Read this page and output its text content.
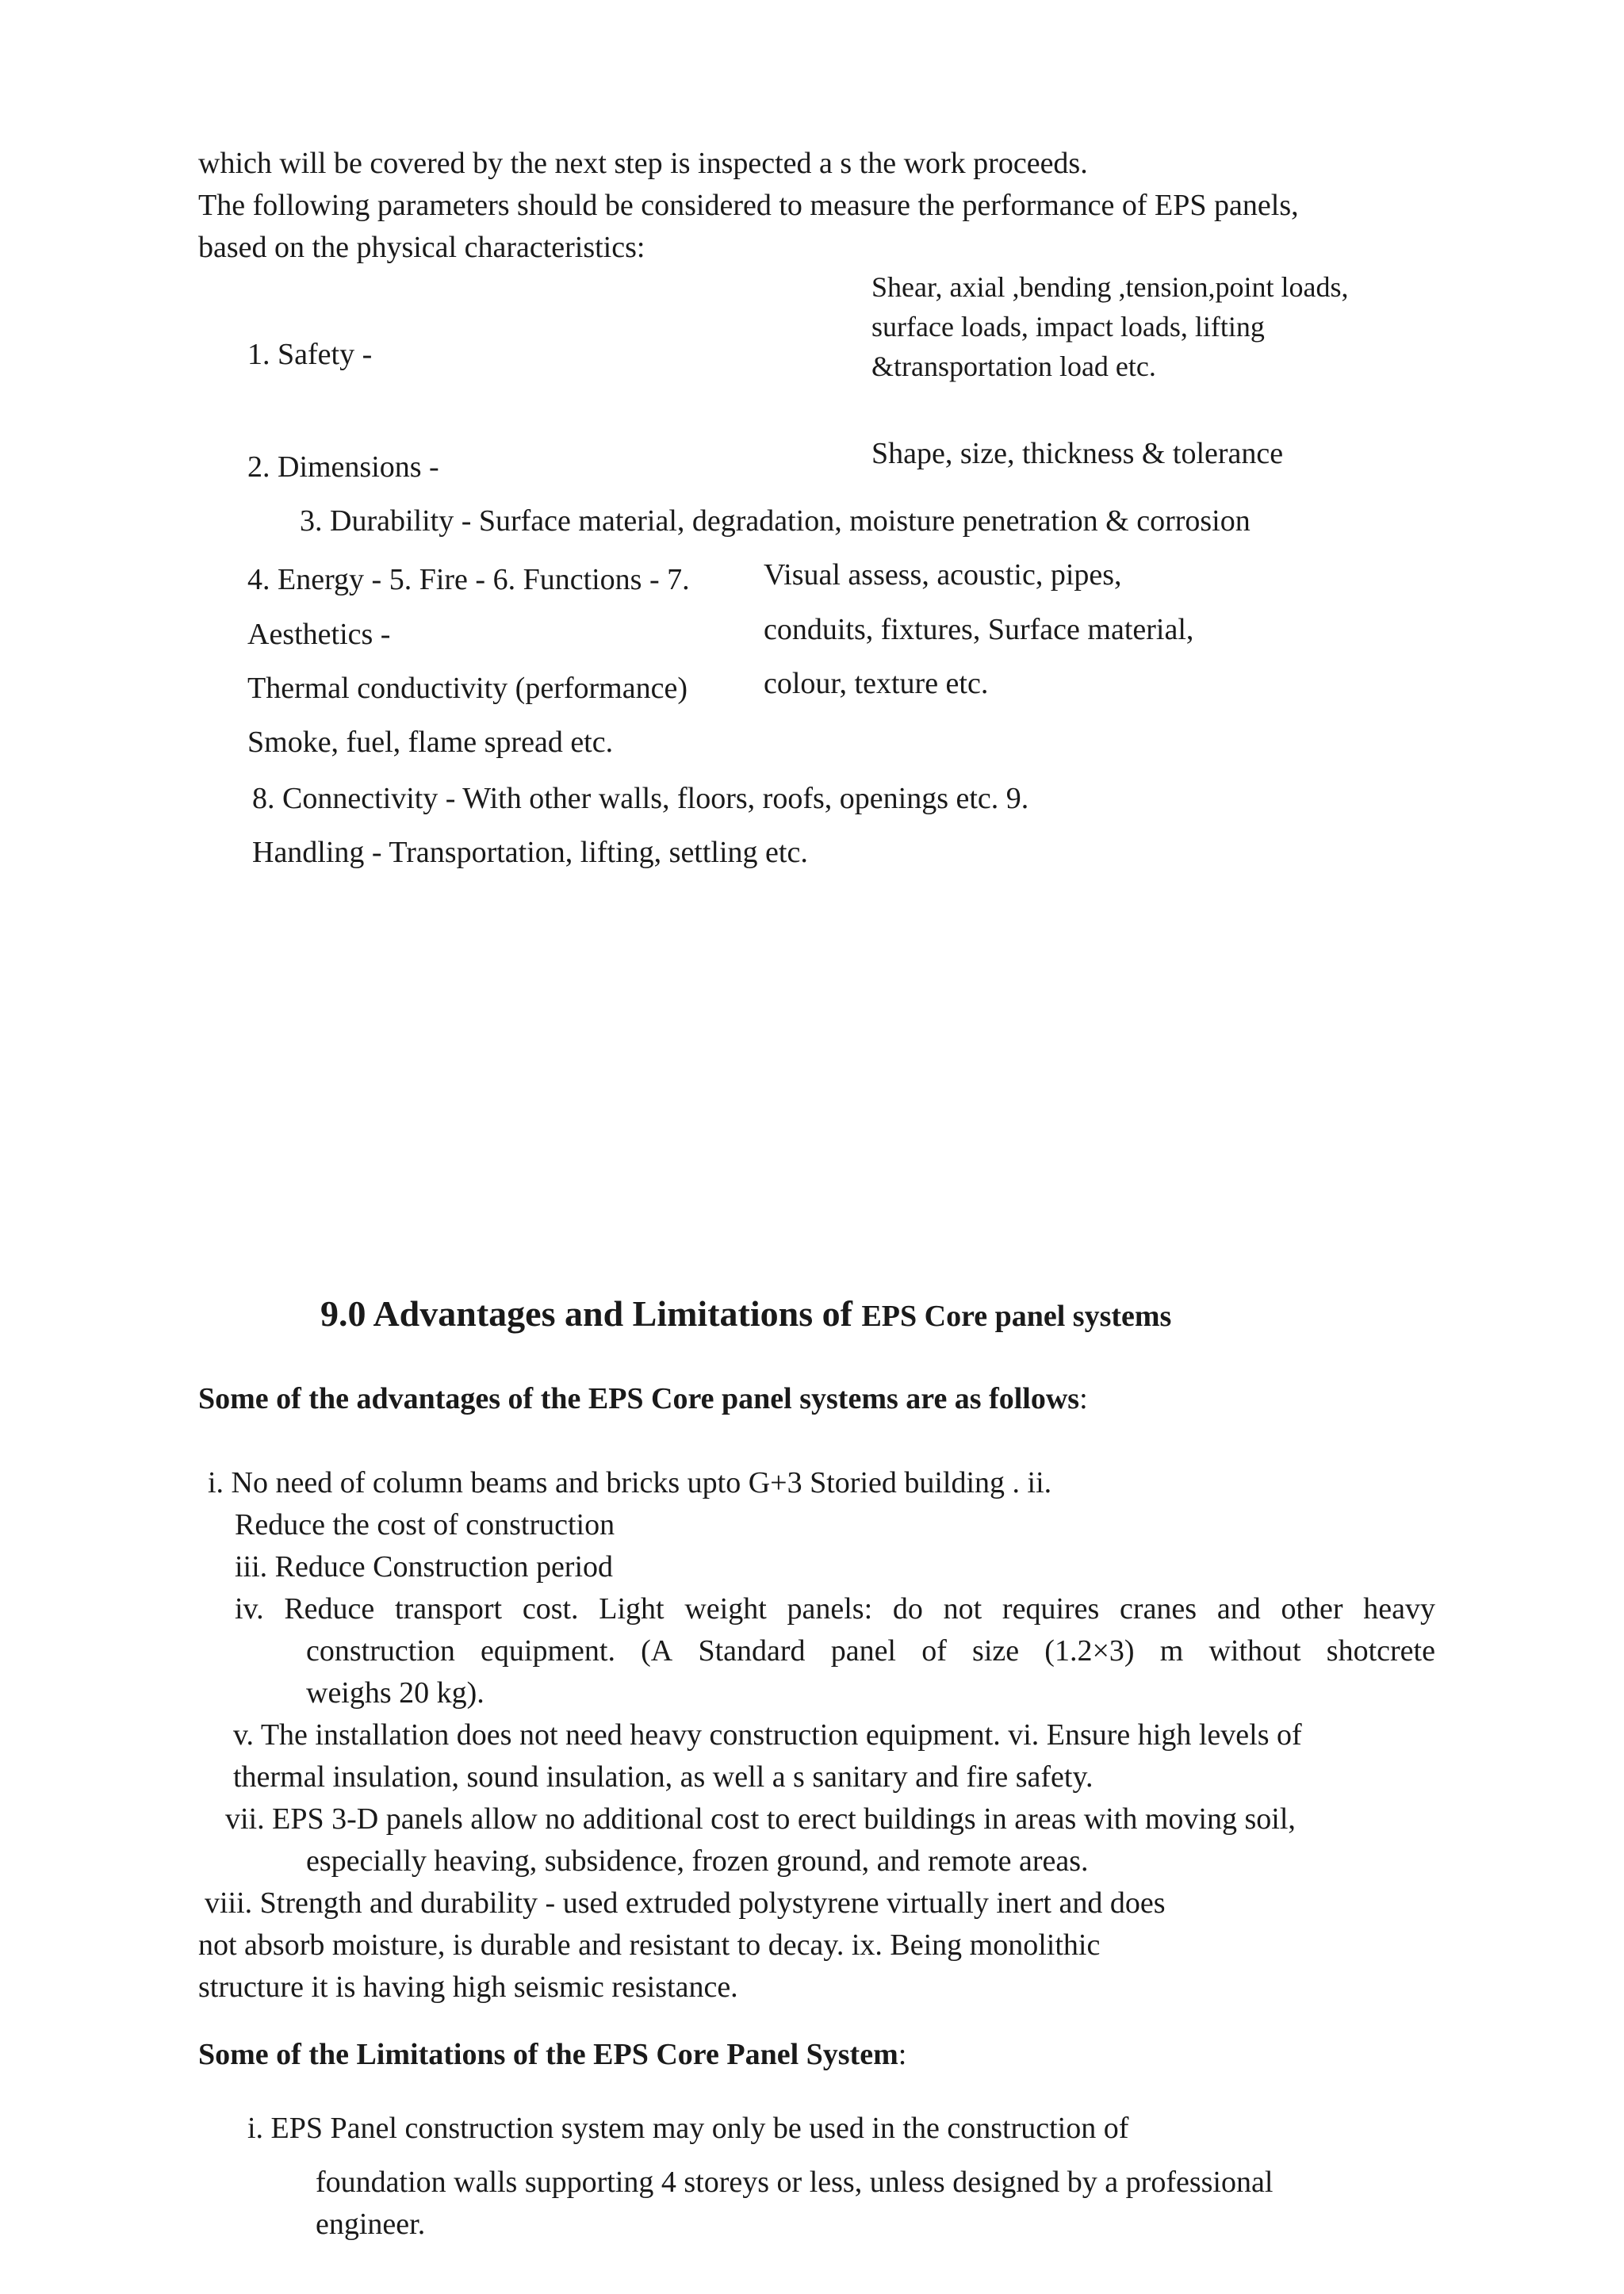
which will be covered by the next step is inspected a s the work proceeds.
The following parameters should be considered to measure the performance of EPS panels,
based on the physical characteristics:
1. Safety -
Shear, axial ,bending ,tension,point loads,
surface loads, impact loads, lifting
&transportation load etc.
2. Dimensions -	Shape, size, thickness & tolerance
3. Durability - Surface material, degradation, moisture penetration & corrosion
4. Energy - 5. Fire - 6. Functions - 7.
Aesthetics -
Thermal conductivity (performance)
Smoke, fuel, flame spread etc.
Visual assess, acoustic, pipes,
conduits, fixtures, Surface material,
colour, texture etc.
8. Connectivity - With other walls, floors, roofs, openings etc. 9.
Handling - Transportation, lifting, settling etc.
9.0 Advantages and Limitations of EPS Core panel systems
Some of the advantages of the EPS Core panel systems are as follows:
i. No need of column beams and bricks upto G+3 Storied building . ii.
Reduce the cost of construction
iii. Reduce Construction period
iv. Reduce transport cost. Light weight panels: do not requires cranes and other heavy
construction equipment. (A Standard panel of size (1.2×3) m without shotcrete
weighs 20 kg).
v. The installation does not need heavy construction equipment. vi. Ensure high levels of
thermal insulation, sound insulation, as well a s sanitary and fire safety.
vii. EPS 3-D panels allow no additional cost to erect buildings in areas with moving soil,
especially heaving, subsidence, frozen ground, and remote areas.
viii. Strength and durability - used extruded polystyrene virtually inert and does
not absorb moisture, is durable and resistant to decay. ix. Being monolithic
structure it is having high seismic resistance.
Some of the Limitations of the EPS Core Panel System:
i. EPS Panel construction system may only be used in the construction of
foundation walls supporting 4 storeys or less, unless designed by a professional
engineer.
